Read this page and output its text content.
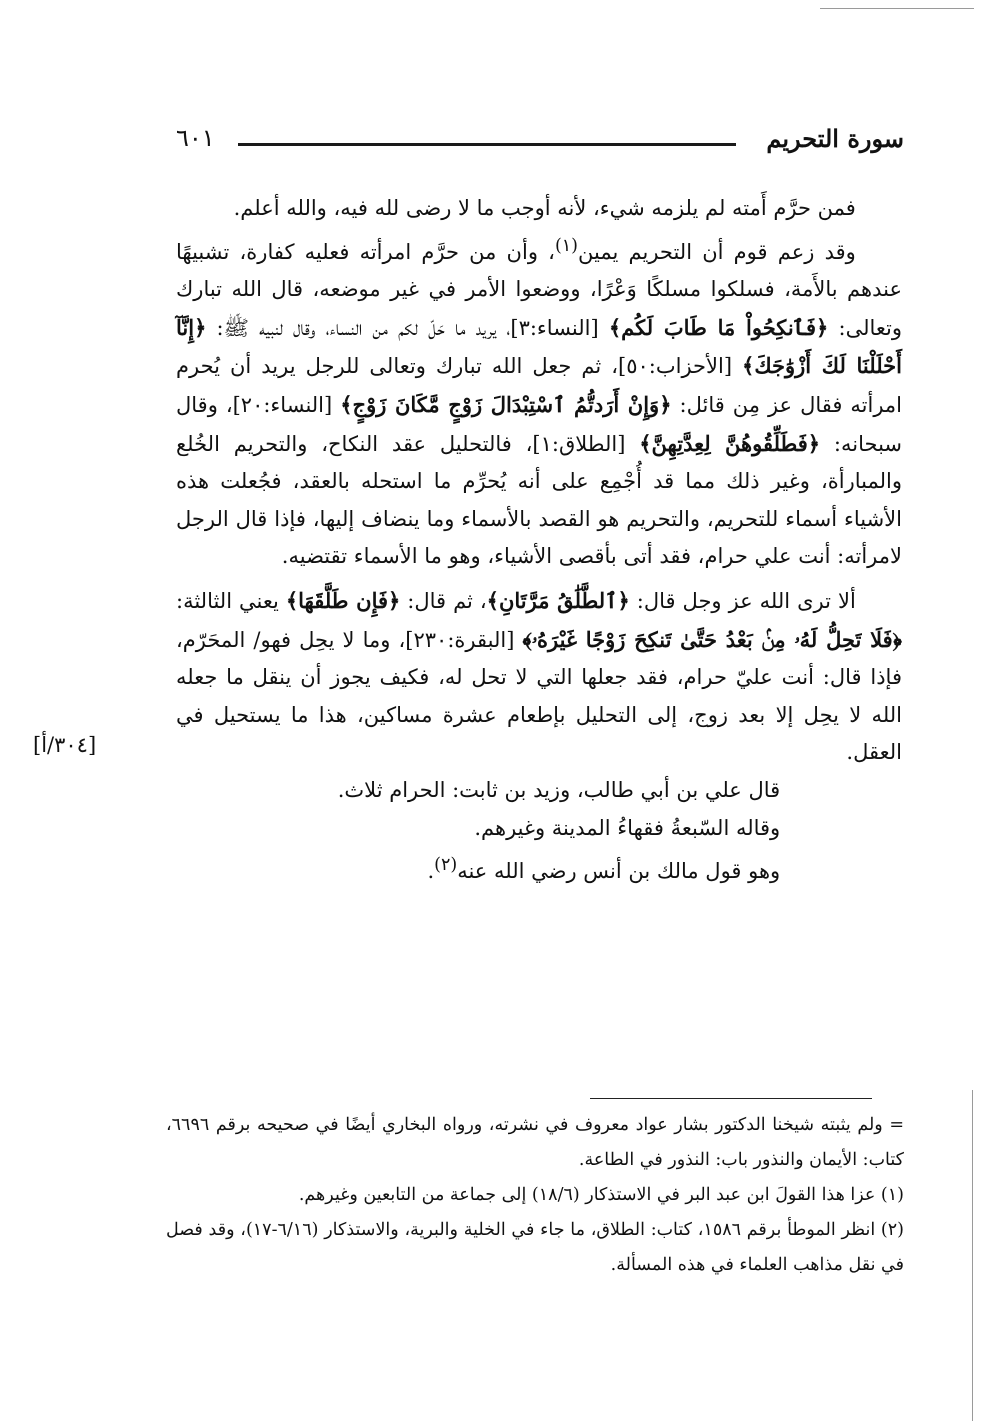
سورة التحريم
٦٠١
[٣٠٤/أ]

فمن حرَّم أَمته لم يلزمه شيء، لأنه أوجب ما لا رضى لله فيه، والله أعلم.

وقد زعم قوم أن التحريم يمين$^{(١)}$، وأن من حرَّم امرأته فعليه كفارة، تشبيهًا عندهم بالأَمة، فسلكوا مسلكًا وَعْرًا، ووضعوا الأمر في غير موضعه، قال الله تبارك وتعالى: ﴿فَٱنكِحُواْ مَا طَابَ لَكُم﴾ [النساء:٣]، يريد ما حَلّ لكم من النساء، وقال لنبيه ﷺ: ﴿إِنَّآ أَحْلَلْنَا لَكَ أَزْوَٰجَكَ﴾ [الأحزاب:٥٠]، ثم جعل الله تبارك وتعالى للرجل يريد أن يُحرم امرأته فقال عز مِن قائل: ﴿وَإِنْ أَرَدتُّمُ ٱسْتِبْدَالَ زَوْجٍ مَّكَانَ زَوْجٍ﴾ [النساء:٢٠]، وقال سبحانه: ﴿فَطَلِّقُوهُنَّ لِعِدَّتِهِنَّ﴾ [الطلاق:١]، فالتحليل عقد النكاح، والتحريم الخُلع والمبارأة، وغير ذلك مما قد أُجْمِع على أنه يُحرِّم ما استحله بالعقد، فجُعلت هذه الأشياء أسماء للتحريم، والتحريم هو القصد بالأسماء وما ينضاف إليها، فإذا قال الرجل لامرأته: أنت علي حرام، فقد أتى بأقصى الأشياء، وهو ما الأسماء تقتضيه.

ألا ترى الله عز وجل قال: ﴿ٱلطَّلَٰقُ مَرَّتَانِ﴾، ثم قال: ﴿فَإِن طَلَّقَهَا﴾ يعني الثالثة: ﴿فَلَا تَحِلُّ لَهُۥ مِنۢ بَعْدُ حَتَّىٰ تَنكِحَ زَوْجًا غَيْرَهُۥ﴾ [البقرة:٢٣٠]، وما لا يحِل فهو/ المحَرّم، فإذا قال: أنت عليّ حرام، فقد جعلها التي لا تحل له، فكيف يجوز أن ينقل ما جعله الله لا يحِل إلا بعد زوج، إلى التحليل بإطعام عشرة مساكين، هذا ما يستحيل في العقل.

قال علي بن أبي طالب، وزيد بن ثابت: الحرام ثلاث.

وقاله السّبعةُ فقهاءُ المدينة وغيرهم.

وهو قول مالك بن أنس رضي الله عنه$^{(٢)}$.

= ولم يثبته شيخنا الدكتور بشار عواد معروف في نشرته، ورواه البخاري أيضًا في صحيحه برقم ٦٦٩٦، كتاب: الأيمان والنذور باب: النذور في الطاعة.

(١) عزا هذا القولَ ابن عبد البر في الاستذكار (١٨/٦) إلى جماعة من التابعين وغيرهم.

(٢) انظر الموطأ برقم ١٥٨٦، كتاب: الطلاق، ما جاء في الخلية والبرية، والاستذكار (٦/١٦-١٧)، وقد فصل في نقل مذاهب العلماء في هذه المسألة.
